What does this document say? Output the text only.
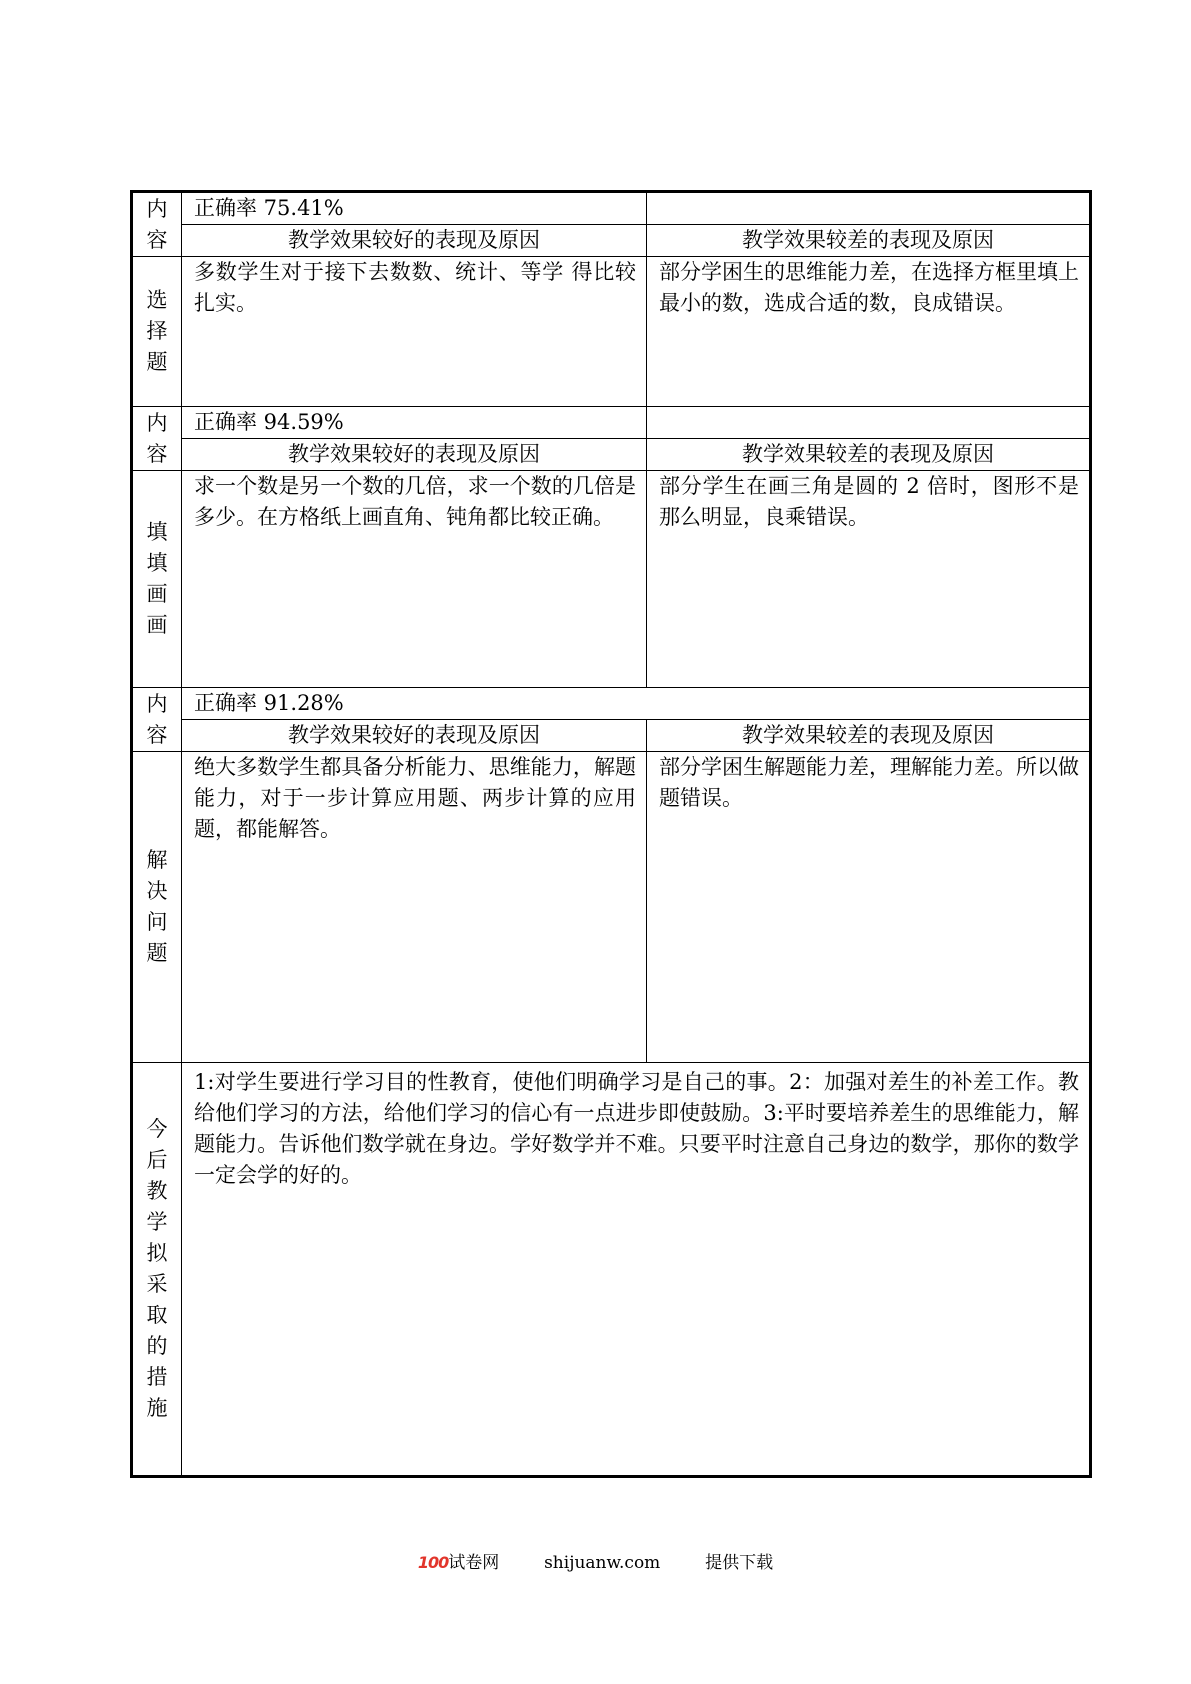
内容	正确率 75.41%	
	教学效果较好的表现及原因	教学效果较差的表现及原因
选择题	多数学生对于接下去数数、统计、等学 得比较扎实。	部分学困生的思维能力差，在选择方框里填上最小的数，选成合适的数，良成错误。
内容	正确率 94.59%	
	教学效果较好的表现及原因	教学效果较差的表现及原因
填填画画	求一个数是另一个数的几倍，求一个数的几倍是多少。在方格纸上画直角、钝角都比较正确。	部分学生在画三角是圆的 2 倍时，图形不是那么明显，良乘错误。
内容	正确率 91.28%	
	教学效果较好的表现及原因	教学效果较差的表现及原因
解决问题	绝大多数学生都具备分析能力、思维能力，解题能力，对于一步计算应用题、两步计算的应用题，都能解答。	部分学困生解题能力差，理解能力差。所以做题错误。
今后教学拟采取的措施	1:对学生要进行学习目的性教育，使他们明确学习是自己的事。2：加强对差生的补差工作。教给他们学习的方法，给他们学习的信心有一点进步即使鼓励。3:平时要培养差生的思维能力，解题能力。告诉他们数学就在身边。学好数学并不难。只要平时注意自己身边的数学，那你的数学一定会学的好的。	
100试卷网	shijuanw.com	提供下载
